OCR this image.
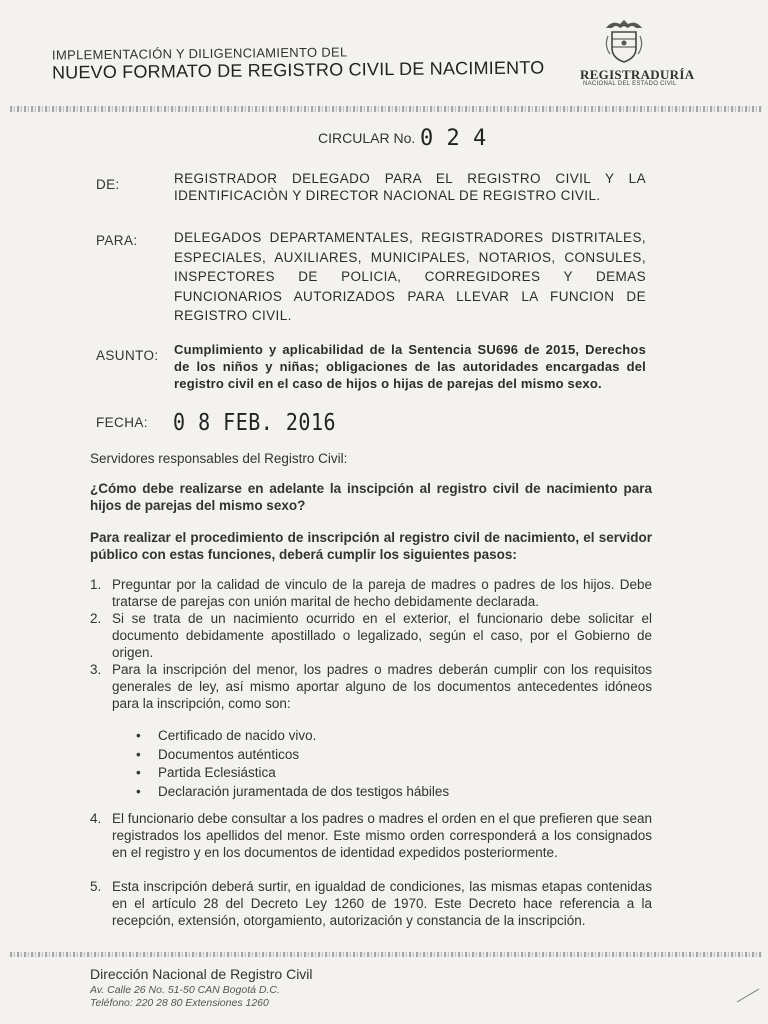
IMPLEMENTACIÓN Y DILIGENCIAMIENTO DEL
NUEVO FORMATO DE REGISTRO CIVIL DE NACIMIENTO	REGISTRADURÍA
NACIONAL DEL ESTADO CIVIL
CIRCULAR No. 0 2 4
DE:	REGISTRADOR DELEGADO PARA EL REGISTRO CIVIL Y LA IDENTIFICACIÒN Y DIRECTOR NACIONAL DE REGISTRO CIVIL.
PARA:	DELEGADOS DEPARTAMENTALES, REGISTRADORES DISTRITALES, ESPECIALES, AUXILIARES, MUNICIPALES, NOTARIOS, CONSULES, INSPECTORES DE POLICIA, CORREGIDORES Y DEMAS FUNCIONARIOS AUTORIZADOS PARA LLEVAR LA FUNCION DE REGISTRO CIVIL.
ASUNTO: Cumplimiento y aplicabilidad de la Sentencia SU696 de 2015, Derechos de los niños y niñas; obligaciones de las autoridades encargadas del registro civil en el caso de hijos o hijas de parejas del mismo sexo.
FECHA: 0 8 FEB. 2016
Servidores responsables del Registro Civil:
¿Cómo debe realizarse en adelante la inscipción al registro civil de nacimiento para hijos de parejas del mismo sexo?
Para realizar el procedimiento de inscripción al registro civil de nacimiento, el servidor público con estas funciones, deberá cumplir los siguientes pasos:
1. Preguntar por la calidad de vinculo de la pareja de madres o padres de los hijos. Debe tratarse de parejas con unión marital de hecho debidamente declarada.
2. Si se trata de un nacimiento ocurrido en el exterior, el funcionario debe solicitar el documento debidamente apostillado o legalizado, según el caso, por el Gobierno de origen.
3. Para la inscripción del menor, los padres o madres deberán cumplir con los requisitos generales de ley, así mismo aportar alguno de los documentos antecedentes idóneos para la inscripción, como son:
•	Certificado de nacido vivo.
•	Documentos auténticos
•	Partida Eclesiástica
•	Declaración juramentada de dos testigos hábiles
4. El funcionario debe consultar a los padres o madres el orden en el que prefieren que sean registrados los apellidos del menor. Este mismo orden corresponderá a los consignados en el registro y en los documentos de identidad expedidos posteriormente.
5. Esta inscripción deberá surtir, en igualdad de condiciones, las mismas etapas contenidas en el artículo 28 del Decreto Ley 1260 de 1970. Este Decreto hace referencia a la recepción, extensión, otorgamiento, autorización y constancia de la inscripción.
Dirección Nacional de Registro Civil
Av. Calle 26 No. 51-50 CAN Bogotá D.C.
Teléfono: 220 28 80 Extensiones 1260
